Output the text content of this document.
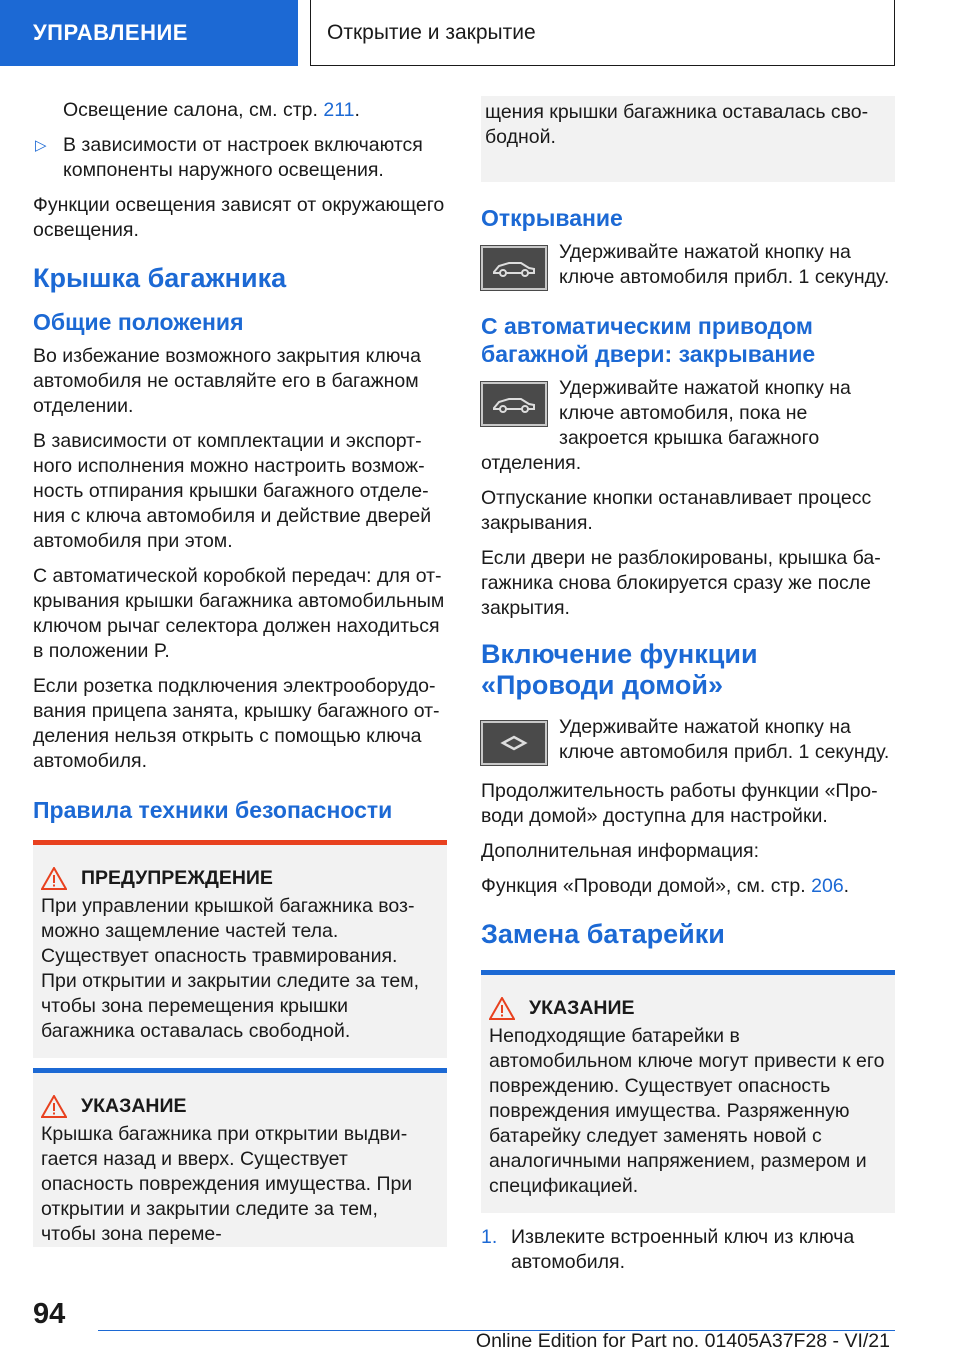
УПРАВЛЕНИЕ	Открытие и закрытие

Освещение салона, см. стр. 211.

▷ В зависимости от настроек включаются компоненты наружного освещения.

Функции освещения зависят от окружающего освещения.

Крышка багажника
Общие положения

Во избежание возможного закрытия ключа автомобиля не оставляйте его в багажном отделении.

В зависимости от комплектации и экспортного исполнения можно настроить возможность отпирания крышки багажного отделения с ключа автомобиля и действие дверей автомобиля при этом.

С автоматической коробкой передач: для открывания крышки багажника автомобильным ключом рычаг селектора должен находиться в положении P.

Если розетка подключения электрооборудования прицепа занята, крышку багажного отделения нельзя открыть с помощью ключа автомобиля.

Правила техники безопасности
ПРЕДУПРЕЖДЕНИЕ

При управлении крышкой багажника возможно защемление частей тела. Существует опасность травмирования. При открытии и закрытии следите за тем, чтобы зона перемещения крышки багажника оставалась свободной.

УКАЗАНИЕ

Крышка багажника при открытии выдвигается назад и вверх. Существует опасность повреждения имущества. При открытии и закрытии следите за тем, чтобы зона переме-

щения крышки багажника оставалась свободной.

Открывание

Удерживайте нажатой кнопку на ключе автомобиля прибл. 1 секунду.

С автоматическим приводом багажной двери: закрывание

Удерживайте нажатой кнопку на ключе автомобиля, пока не закроется крышка багажного отделения.

Отпускание кнопки останавливает процесс закрывания.

Если двери не разблокированы, крышка багажника снова блокируется сразу же после закрытия.

Включение функции «Проводи домой»

Удерживайте нажатой кнопку на ключе автомобиля прибл. 1 секунду.

Продолжительность работы функции «Проводи домой» доступна для настройки.

Дополнительная информация:

Функция «Проводи домой», см. стр. 206.

Замена батарейки
УКАЗАНИЕ

Неподходящие батарейки в автомобильном ключе могут привести к его повреждению. Существует опасность повреждения имущества. Разряженную батарейку следует заменять новой с аналогичными напряжением, размером и спецификацией.

1. Извлеките встроенный ключ из ключа автомобиля.

94
Online Edition for Part no. 01405A37F28 - VI/21
